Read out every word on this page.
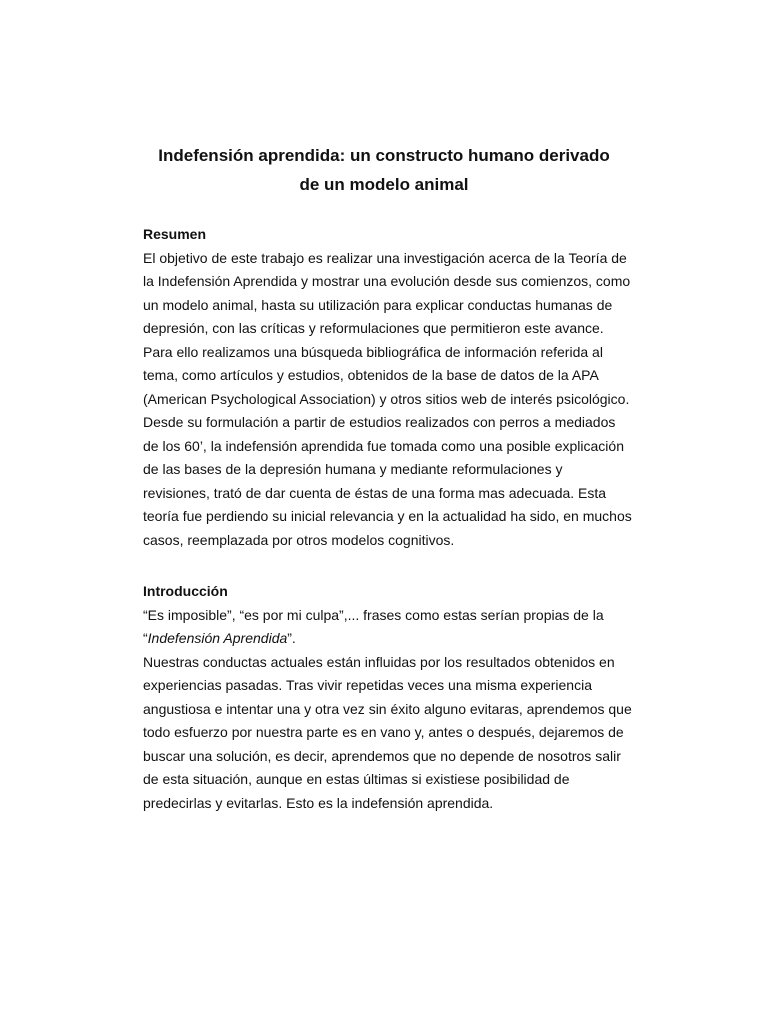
Indefensión aprendida: un constructo humano derivado
de un modelo animal
Resumen
El objetivo de este trabajo es realizar una investigación acerca de la Teoría de
la Indefensión Aprendida y mostrar una evolución desde sus comienzos, como
un modelo animal, hasta su utilización para explicar conductas humanas de
depresión, con las críticas y reformulaciones que permitieron este avance.
Para ello realizamos una búsqueda bibliográfica de información referida al
tema, como artículos y estudios, obtenidos de la base de datos de la APA
(American Psychological Association) y otros sitios web de interés psicológico.
Desde su formulación a partir de estudios realizados con perros a mediados
de los 60’, la indefensión aprendida fue tomada como una posible explicación
de las bases de la depresión humana y mediante reformulaciones y
revisiones, trató de dar cuenta de éstas de una forma mas adecuada. Esta
teoría fue perdiendo su inicial relevancia y en la actualidad ha sido, en muchos
casos, reemplazada por otros modelos cognitivos.
Introducción
“Es imposible”, “es por mi culpa”,... frases como estas serían propias de la
“Indefensión Aprendida”.
Nuestras conductas actuales están influidas por los resultados obtenidos en
experiencias pasadas. Tras vivir repetidas veces una misma experiencia
angustiosa e intentar una y otra vez sin éxito alguno evitaras, aprendemos que
todo esfuerzo por nuestra parte es en vano y, antes o después, dejaremos de
buscar una solución, es decir, aprendemos que no depende de nosotros salir
de esta situación, aunque en estas últimas si existiese posibilidad de
predecirlas y evitarlas. Esto es la indefensión aprendida.
